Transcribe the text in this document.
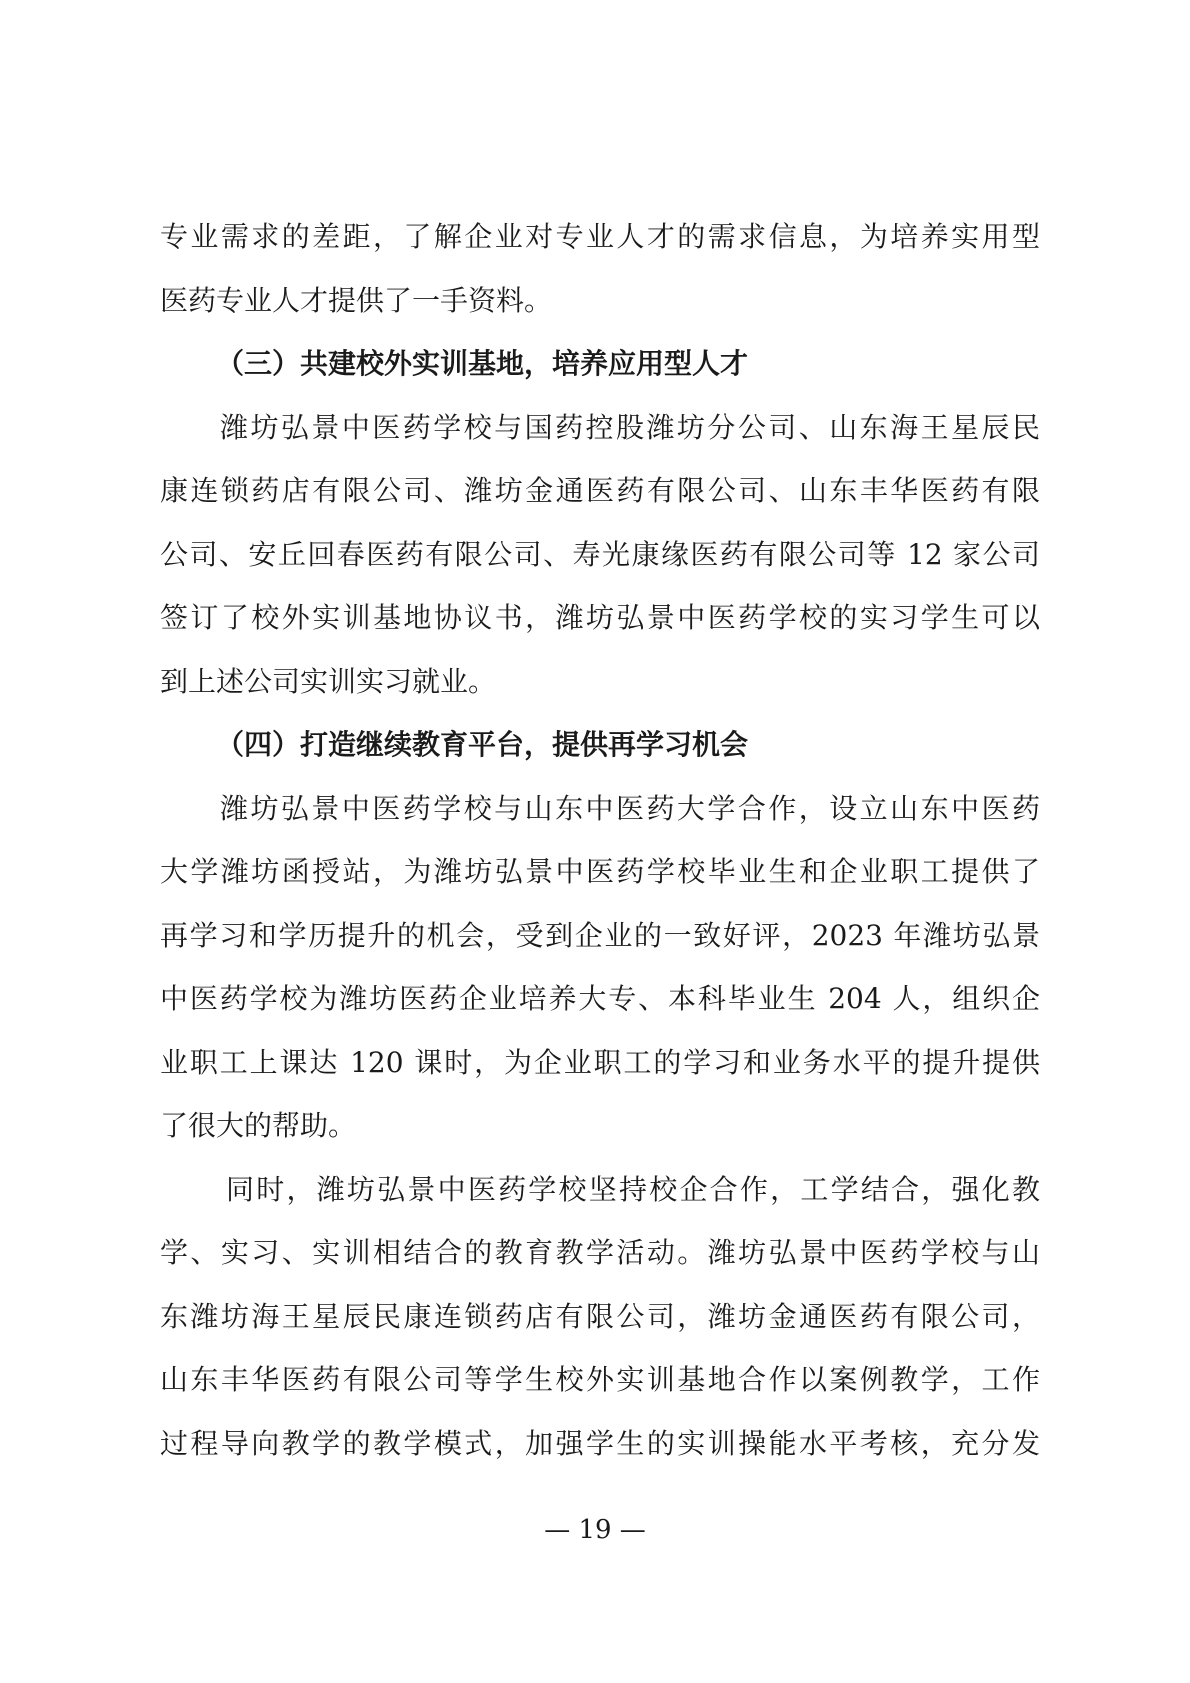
专业需求的差距，了解企业对专业人才的需求信息，为培养实用型
医药专业人才提供了一手资料。
（三）共建校外实训基地，培养应用型人才
潍坊弘景中医药学校与国药控股潍坊分公司、山东海王星辰民
康连锁药店有限公司、潍坊金通医药有限公司、山东丰华医药有限
公司、安丘回春医药有限公司、寿光康缘医药有限公司等 12 家公司
签订了校外实训基地协议书，潍坊弘景中医药学校的实习学生可以
到上述公司实训实习就业。
（四）打造继续教育平台，提供再学习机会
潍坊弘景中医药学校与山东中医药大学合作，设立山东中医药
大学潍坊函授站，为潍坊弘景中医药学校毕业生和企业职工提供了
再学习和学历提升的机会，受到企业的一致好评，2023 年潍坊弘景
中医药学校为潍坊医药企业培养大专、本科毕业生 204 人，组织企
业职工上课达 120 课时，为企业职工的学习和业务水平的提升提供
了很大的帮助。
同时，潍坊弘景中医药学校坚持校企合作，工学结合，强化教
学、实习、实训相结合的教育教学活动。潍坊弘景中医药学校与山
东潍坊海王星辰民康连锁药店有限公司，潍坊金通医药有限公司，
山东丰华医药有限公司等学生校外实训基地合作以案例教学，工作
过程导向教学的教学模式，加强学生的实训操能水平考核，充分发
— 19 —
